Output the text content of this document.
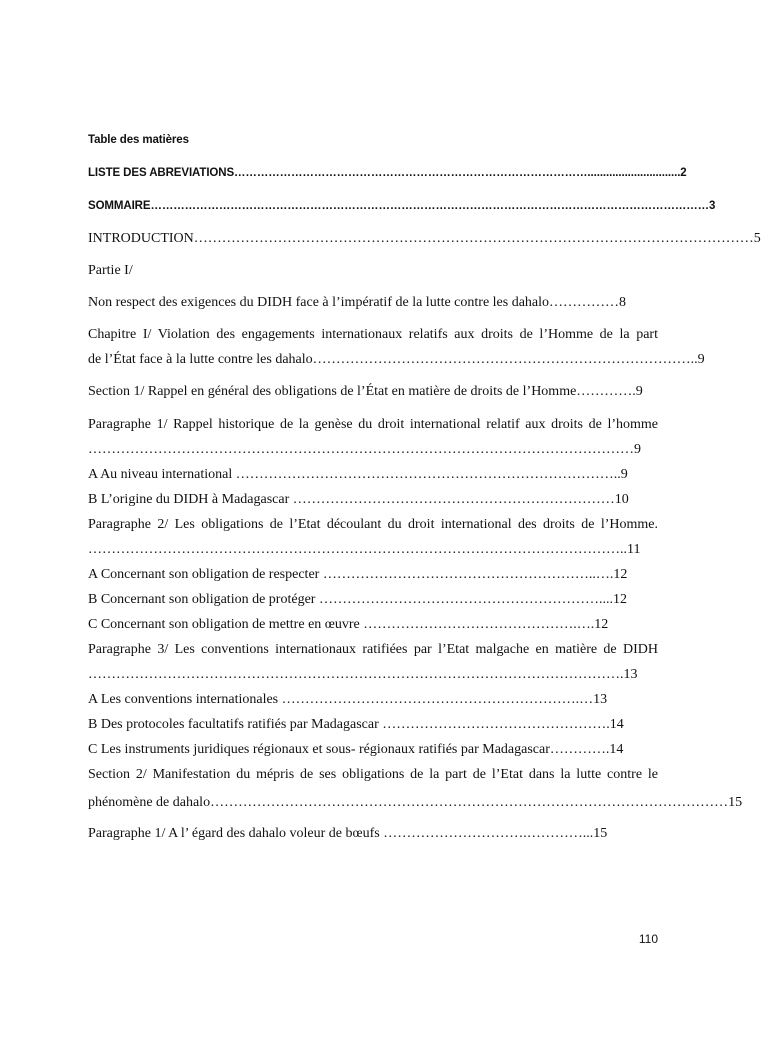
Table des matières
LISTE DES ABREVIATIONS…………………………………………………………………………………..............................2
SOMMAIRE…………………………………………………………………………………………………………………………………3
INTRODUCTION…………………………………………………………………………………………………………5
Partie I/
Non respect des exigences du DIDH face à l’impératif de la lutte contre les dahalo……………8
Chapitre I/ Violation des engagements internationaux relatifs aux droits de l’Homme de la part
de l’État face à la lutte contre les dahalo………………………………………………………………………..9
Section 1/ Rappel en général des obligations de l’État en matière de droits de l’Homme………….9
Paragraphe 1/ Rappel historique de la genèse du droit international relatif aux droits de l’homme
………………………………………………………………………………………………………9
A Au niveau international ………………………………………………………………………..9
B L’origine du DIDH à Madagascar ……………………………………………………………10
Paragraphe 2/ Les obligations de l’Etat découlant du droit international des droits de l’Homme.
……………………………………………………………………………………………………..11
A Concernant son obligation de respecter …………………………………………………..….12
B Concernant son obligation de protéger ……………………………………………………....12
C Concernant son obligation de mettre en œuvre ……………………………………….….12
Paragraphe 3/ Les conventions internationaux ratifiées par l’Etat malgache en matière de DIDH
…………………………………………………………………………………………………….13
A Les conventions internationales ……………………………………………………….…13
B Des protocoles facultatifs ratifiés par Madagascar ………………………………………….14
C Les instruments juridiques régionaux et sous- régionaux ratifiés par Madagascar………….14
Section 2/ Manifestation du mépris de ses obligations de la part de l’Etat dans la lutte contre le
phénomène de dahalo…………………………………………………………………………………………………15
Paragraphe 1/ A l’ égard des dahalo voleur de bœufs ………………………….…………...15
110
